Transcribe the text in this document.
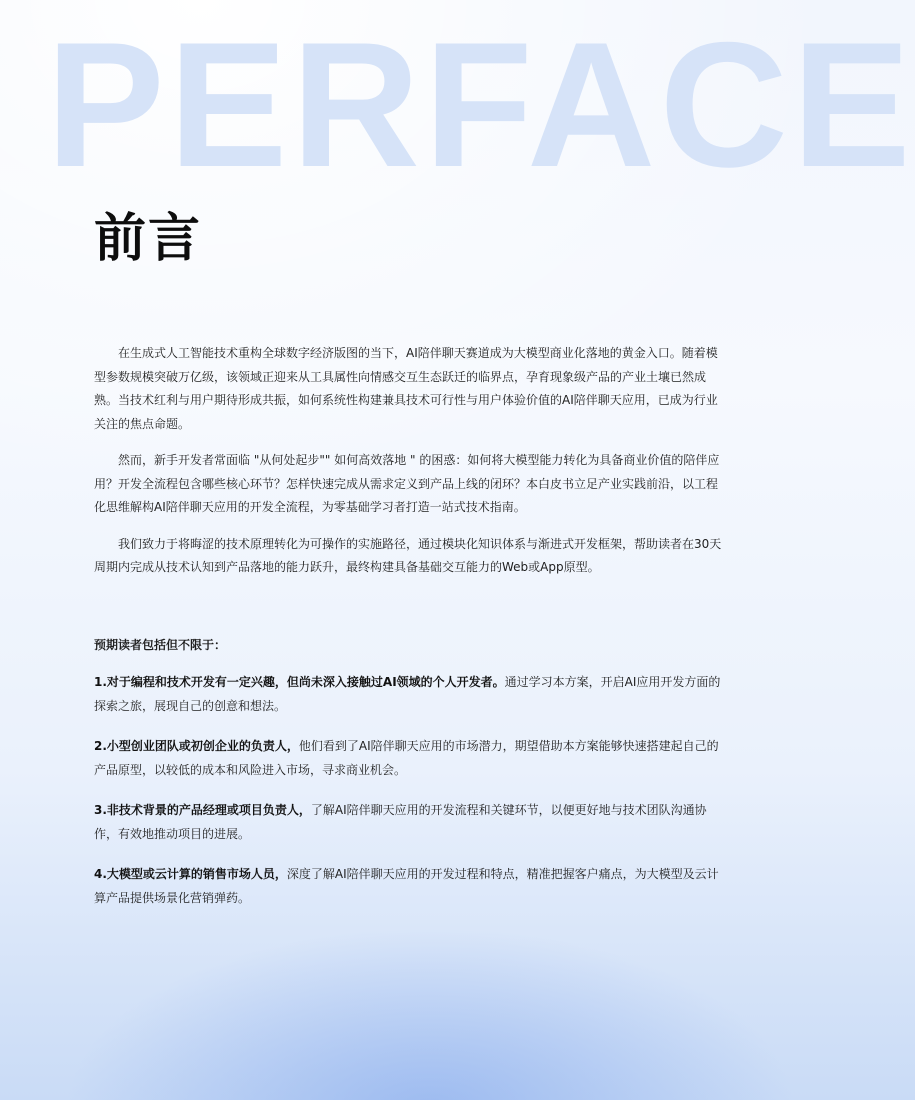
PERFACE
前言

在生成式人工智能技术重构全球数字经济版图的当下，AI陪伴聊天赛道成为大模型商业化落地的黄金入口。随着模型参数规模突破万亿级，该领域正迎来从工具属性向情感交互生态跃迁的临界点，孕育现象级产品的产业土壤已然成熟。当技术红利与用户期待形成共振，如何系统性构建兼具技术可行性与用户体验价值的AI陪伴聊天应用，已成为行业关注的焦点命题。

然而，新手开发者常面临 "从何处起步"" 如何高效落地 " 的困惑：如何将大模型能力转化为具备商业价值的陪伴应用？开发全流程包含哪些核心环节？怎样快速完成从需求定义到产品上线的闭环？本白皮书立足产业实践前沿，以工程化思维解构AI陪伴聊天应用的开发全流程，为零基础学习者打造一站式技术指南。

我们致力于将晦涩的技术原理转化为可操作的实施路径，通过模块化知识体系与渐进式开发框架，帮助读者在30天周期内完成从技术认知到产品落地的能力跃升，最终构建具备基础交互能力的Web或App原型。

预期读者包括但不限于：

1.对于编程和技术开发有一定兴趣，但尚未深入接触过AI领域的个人开发者。通过学习本方案，开启AI应用开发方面的探索之旅，展现自己的创意和想法。

2.小型创业团队或初创企业的负责人，他们看到了AI陪伴聊天应用的市场潜力，期望借助本方案能够快速搭建起自己的产品原型，以较低的成本和风险进入市场，寻求商业机会。

3.非技术背景的产品经理或项目负责人，了解AI陪伴聊天应用的开发流程和关键环节，以便更好地与技术团队沟通协作，有效地推动项目的进展。

4.大模型或云计算的销售市场人员，深度了解AI陪伴聊天应用的开发过程和特点，精准把握客户痛点，为大模型及云计算产品提供场景化营销弹药。
